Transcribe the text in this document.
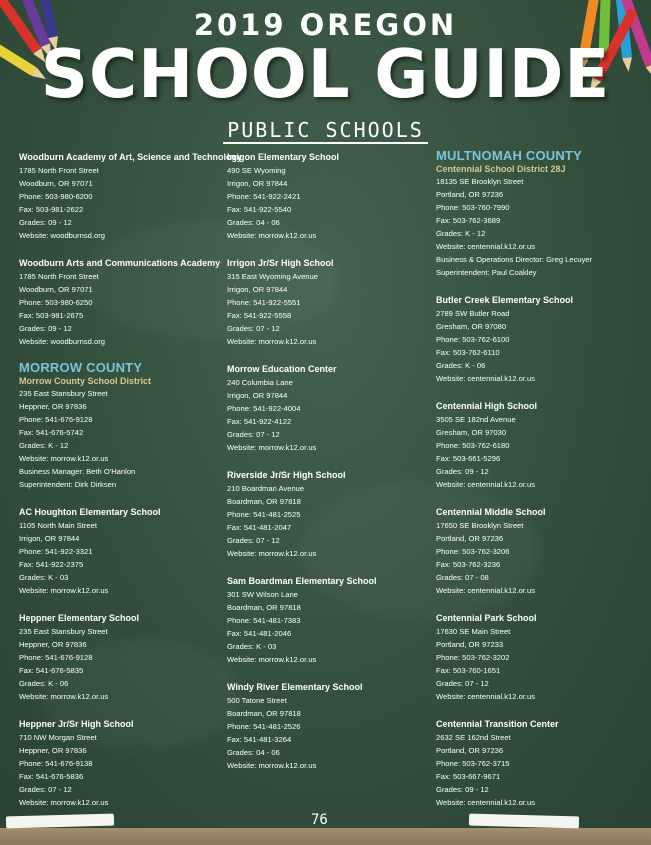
2019 OREGON
SCHOOL GUIDE
PUBLIC SCHOOLS
Woodburn Academy of Art, Science and Technology
1785 North Front Street
Woodburn, OR 97071
Phone: 503-980-6200
Fax: 503-981-2622
Grades: 09 - 12
Website: woodburnsd.org
Woodburn Arts and Communications Academy
1785 North Front Street
Woodburn, OR 97071
Phone: 503-980-6250
Fax: 503-981-2675
Grades: 09 - 12
Website: woodburnsd.org
MORROW COUNTY
Morrow County School District
235 East Stansbury Street
Heppner, OR 97836
Phone: 541-676-9128
Fax: 541-676-5742
Grades: K - 12
Website: morrow.k12.or.us
Business Manager: Beth O'Hanlon
Superintendent: Dirk Dirksen
AC Houghton Elementary School
1105 North Main Street
Irrigon, OR 97844
Phone: 541-922-3321
Fax: 541-922-2375
Grades: K - 03
Website: morrow.k12.or.us
Heppner Elementary School
235 East Stansbury Street
Heppner, OR 97836
Phone: 541-676-9128
Fax: 541-676-5835
Grades: K - 06
Website: morrow.k12.or.us
Heppner Jr/Sr High School
710 NW Morgan Street
Heppner, OR 97836
Phone: 541-676-9138
Fax: 541-676-5836
Grades: 07 - 12
Website: morrow.k12.or.us
Irrigon Elementary School
490 SE Wyoming
Irrigon, OR 97844
Phone: 541-922-2421
Fax: 541-922-5540
Grades: 04 - 06
Website: morrow.k12.or.us
Irrigon Jr/Sr High School
315 East Wyoming Avenue
Irrigon, OR 97844
Phone: 541-922-5551
Fax: 541-922-5558
Grades: 07 - 12
Website: morrow.k12.or.us
Morrow Education Center
240 Columbia Lane
Irrigon, OR 97844
Phone: 541-922-4004
Fax: 541-922-4122
Grades: 07 - 12
Website: morrow.k12.or.us
Riverside Jr/Sr High School
210 Boardman Avenue
Boardman, OR 97818
Phone: 541-481-2525
Fax: 541-481-2047
Grades: 07 - 12
Website: morrow.k12.or.us
Sam Boardman Elementary School
301 SW Wilson Lane
Boardman, OR 97818
Phone: 541-481-7383
Fax: 541-481-2046
Grades: K - 03
Website: morrow.k12.or.us
Windy River Elementary School
500 Tatone Street
Boardman, OR 97818
Phone: 541-481-2526
Fax: 541-481-3264
Grades: 04 - 06
Website: morrow.k12.or.us
MULTNOMAH COUNTY
Centennial School District 28J
18135 SE Brooklyn Street
Portland, OR 97236
Phone: 503-760-7990
Fax: 503-762-3689
Grades: K - 12
Website: centennial.k12.or.us
Business & Operations Director: Greg Lecuyer
Superintendent: Paul Coakley
Butler Creek Elementary School
2789 SW Butler Road
Gresham, OR 97080
Phone: 503-762-6100
Fax: 503-762-6110
Grades: K - 06
Website: centennial.k12.or.us
Centennial High School
3505 SE 182nd Avenue
Gresham, OR 97030
Phone: 503-762-6180
Fax: 503-661-5296
Grades: 09 - 12
Website: centennial.k12.or.us
Centennial Middle School
17650 SE Brooklyn Street
Portland, OR 97236
Phone: 503-762-3206
Fax: 503-762-3236
Grades: 07 - 08
Website: centennial.k12.or.us
Centennial Park School
17630 SE Main Street
Portland, OR 97233
Phone: 503-762-3202
Fax: 503-760-1651
Grades: 07 - 12
Website: centennial.k12.or.us
Centennial Transition Center
2632 SE 162nd Street
Portland, OR 97236
Phone: 503-762-3715
Fax: 503-667-9671
Grades: 09 - 12
Website: centennial.k12.or.us
76
